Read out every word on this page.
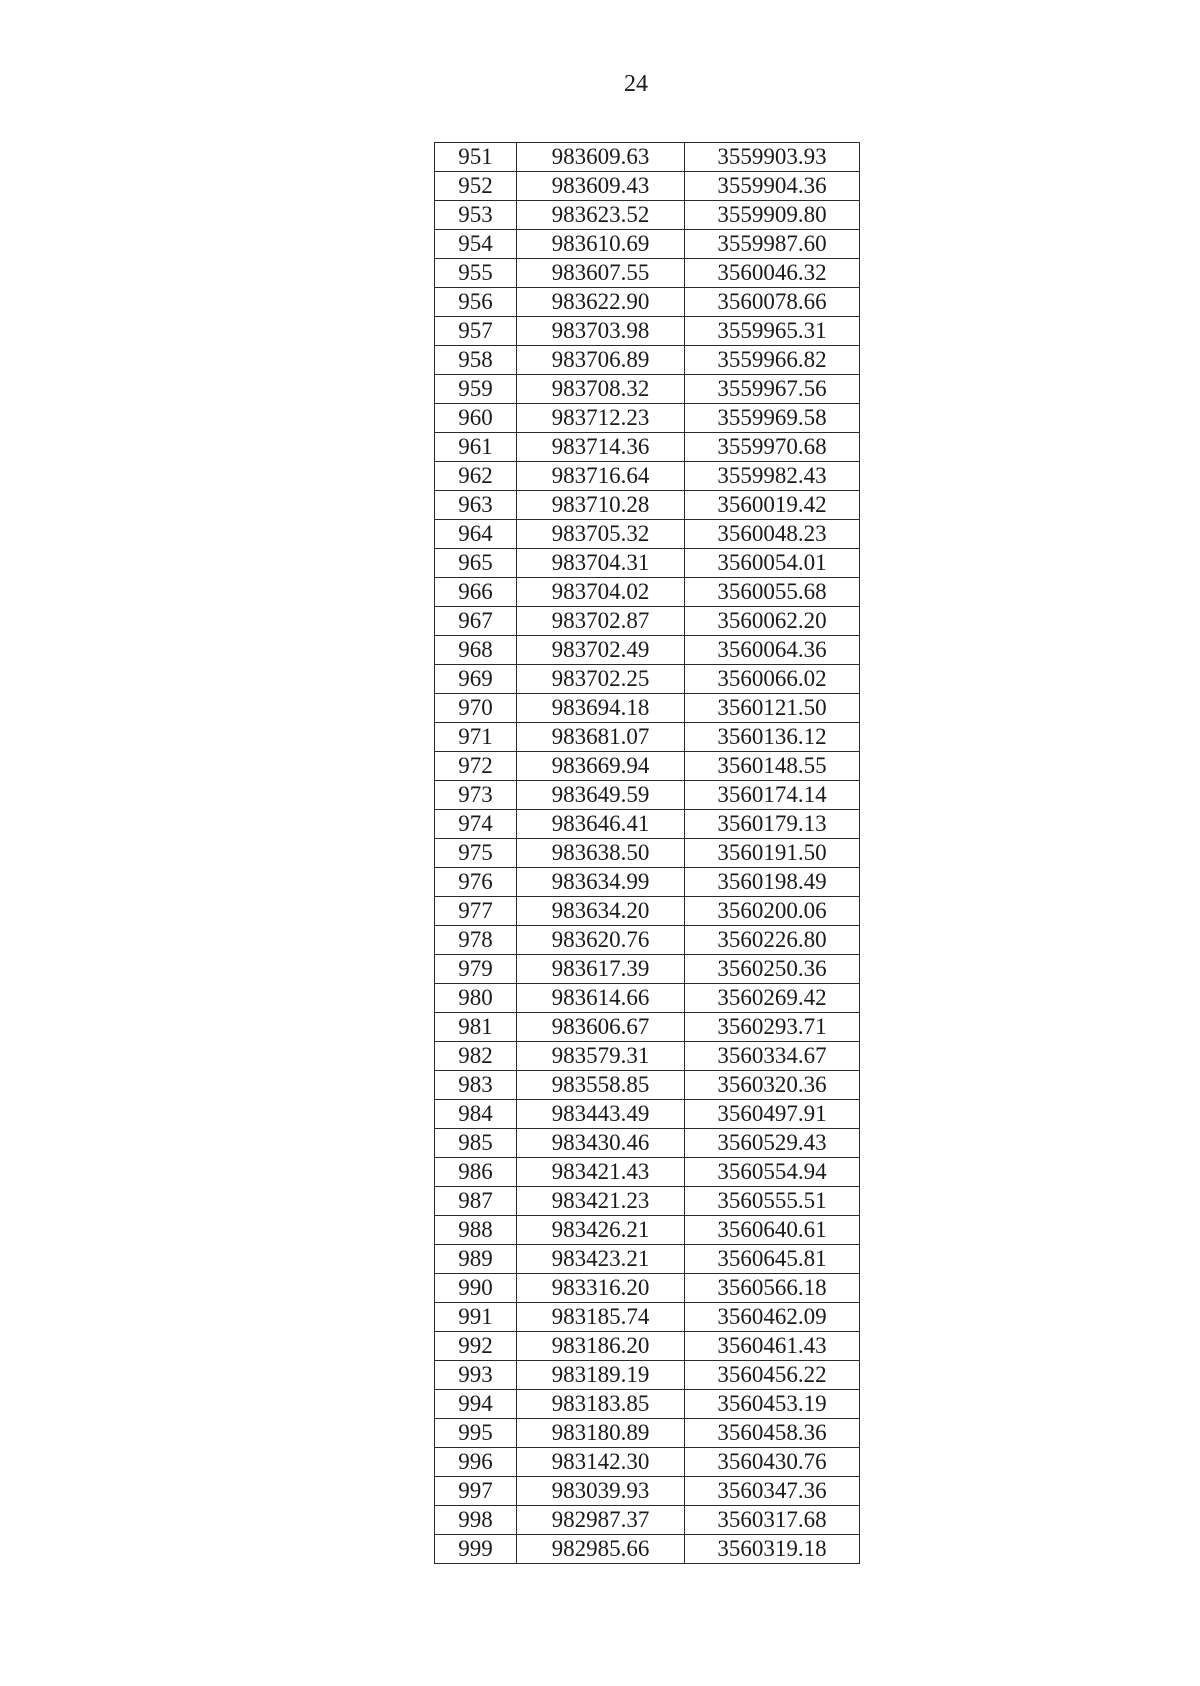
24
951	983609.63	3559903.93
952	983609.43	3559904.36
953	983623.52	3559909.80
954	983610.69	3559987.60
955	983607.55	3560046.32
956	983622.90	3560078.66
957	983703.98	3559965.31
958	983706.89	3559966.82
959	983708.32	3559967.56
960	983712.23	3559969.58
961	983714.36	3559970.68
962	983716.64	3559982.43
963	983710.28	3560019.42
964	983705.32	3560048.23
965	983704.31	3560054.01
966	983704.02	3560055.68
967	983702.87	3560062.20
968	983702.49	3560064.36
969	983702.25	3560066.02
970	983694.18	3560121.50
971	983681.07	3560136.12
972	983669.94	3560148.55
973	983649.59	3560174.14
974	983646.41	3560179.13
975	983638.50	3560191.50
976	983634.99	3560198.49
977	983634.20	3560200.06
978	983620.76	3560226.80
979	983617.39	3560250.36
980	983614.66	3560269.42
981	983606.67	3560293.71
982	983579.31	3560334.67
983	983558.85	3560320.36
984	983443.49	3560497.91
985	983430.46	3560529.43
986	983421.43	3560554.94
987	983421.23	3560555.51
988	983426.21	3560640.61
989	983423.21	3560645.81
990	983316.20	3560566.18
991	983185.74	3560462.09
992	983186.20	3560461.43
993	983189.19	3560456.22
994	983183.85	3560453.19
995	983180.89	3560458.36
996	983142.30	3560430.76
997	983039.93	3560347.36
998	982987.37	3560317.68
999	982985.66	3560319.18
